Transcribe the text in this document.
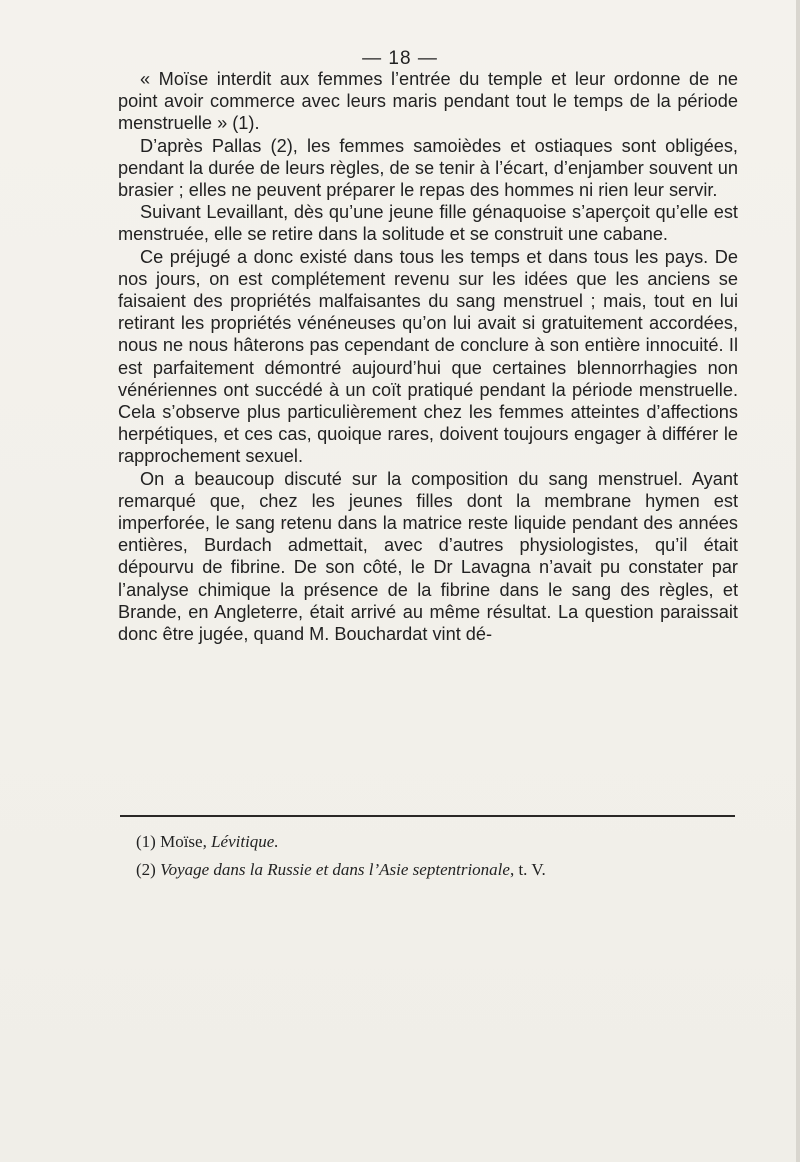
— 18 —

« Moïse interdit aux femmes l’entrée du temple et leur ordonne de ne point avoir commerce avec leurs maris pendant tout le temps de la période menstruelle » (1).

D’après Pallas (2), les femmes samoièdes et ostiaques sont obligées, pendant la durée de leurs règles, de se tenir à l’écart, d’enjamber souvent un brasier ; elles ne peuvent préparer le repas des hommes ni rien leur servir.

Suivant Levaillant, dès qu’une jeune fille génaquoise s’aperçoit qu’elle est menstruée, elle se retire dans la solitude et se construit une cabane.

Ce préjugé a donc existé dans tous les temps et dans tous les pays. De nos jours, on est complétement revenu sur les idées que les anciens se faisaient des propriétés malfaisantes du sang menstruel ; mais, tout en lui retirant les propriétés vénéneuses qu’on lui avait si gratuitement accordées, nous ne nous hâterons pas cependant de conclure à son entière innocuité. Il est parfaitement démontré aujourd’hui que certaines blennorrhagies non vénériennes ont succédé à un coït pratiqué pendant la période menstruelle. Cela s’observe plus particulièrement chez les femmes atteintes d’affections herpétiques, et ces cas, quoique rares, doivent toujours engager à différer le rapprochement sexuel.

On a beaucoup discuté sur la composition du sang menstruel. Ayant remarqué que, chez les jeunes filles dont la membrane hymen est imperforée, le sang retenu dans la matrice reste liquide pendant des années entières, Burdach admettait, avec d’autres physiologistes, qu’il était dépourvu de fibrine. De son côté, le Dr Lavagna n’avait pu constater par l’analyse chimique la présence de la fibrine dans le sang des règles, et Brande, en Angleterre, était arrivé au même résultat. La question paraissait donc être jugée, quand M. Bouchardat vint dé-

(1) Moïse, Lévitique.

(2) Voyage dans la Russie et dans l’Asie septentrionale, t. V.
